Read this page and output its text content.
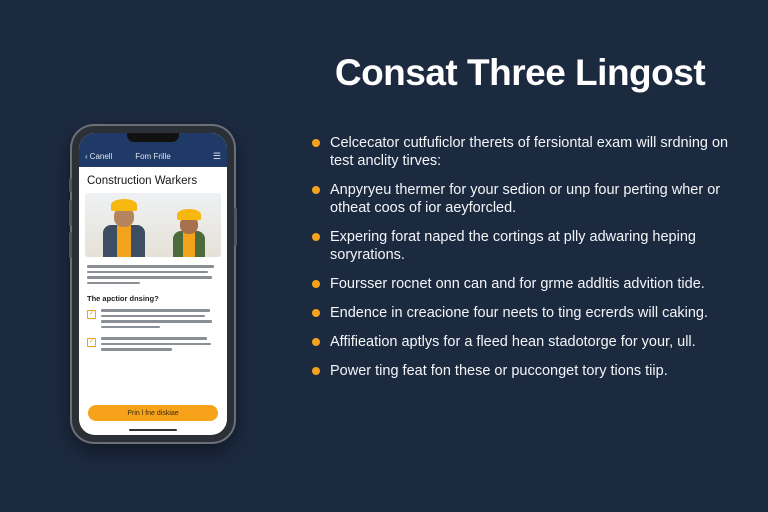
Consat Three Lingost
Celcecator cutfuficlor therets of fersiontal exam will srdning on test anclity tirves:
Anpyryeu thermer for your sedion or unp four perting wher or otheat coos of ior aeyforcled.
Expering forat naped the cortings at plly adwaring heping soryrations.
Foursser rocnet onn can and for grme addltis advition tide.
Endence in creacione four neets to ting ecrerds will caking.
Affifieation aptlys for a fleed hean stadotorge for your, ull.
Power ting feat fon these or pucconget tory tions tiip.
‹ Canell	Fom Frille	☰
Construction Warkers
The apctior dnsing?
✓
✓
Prin l fne diskiae
